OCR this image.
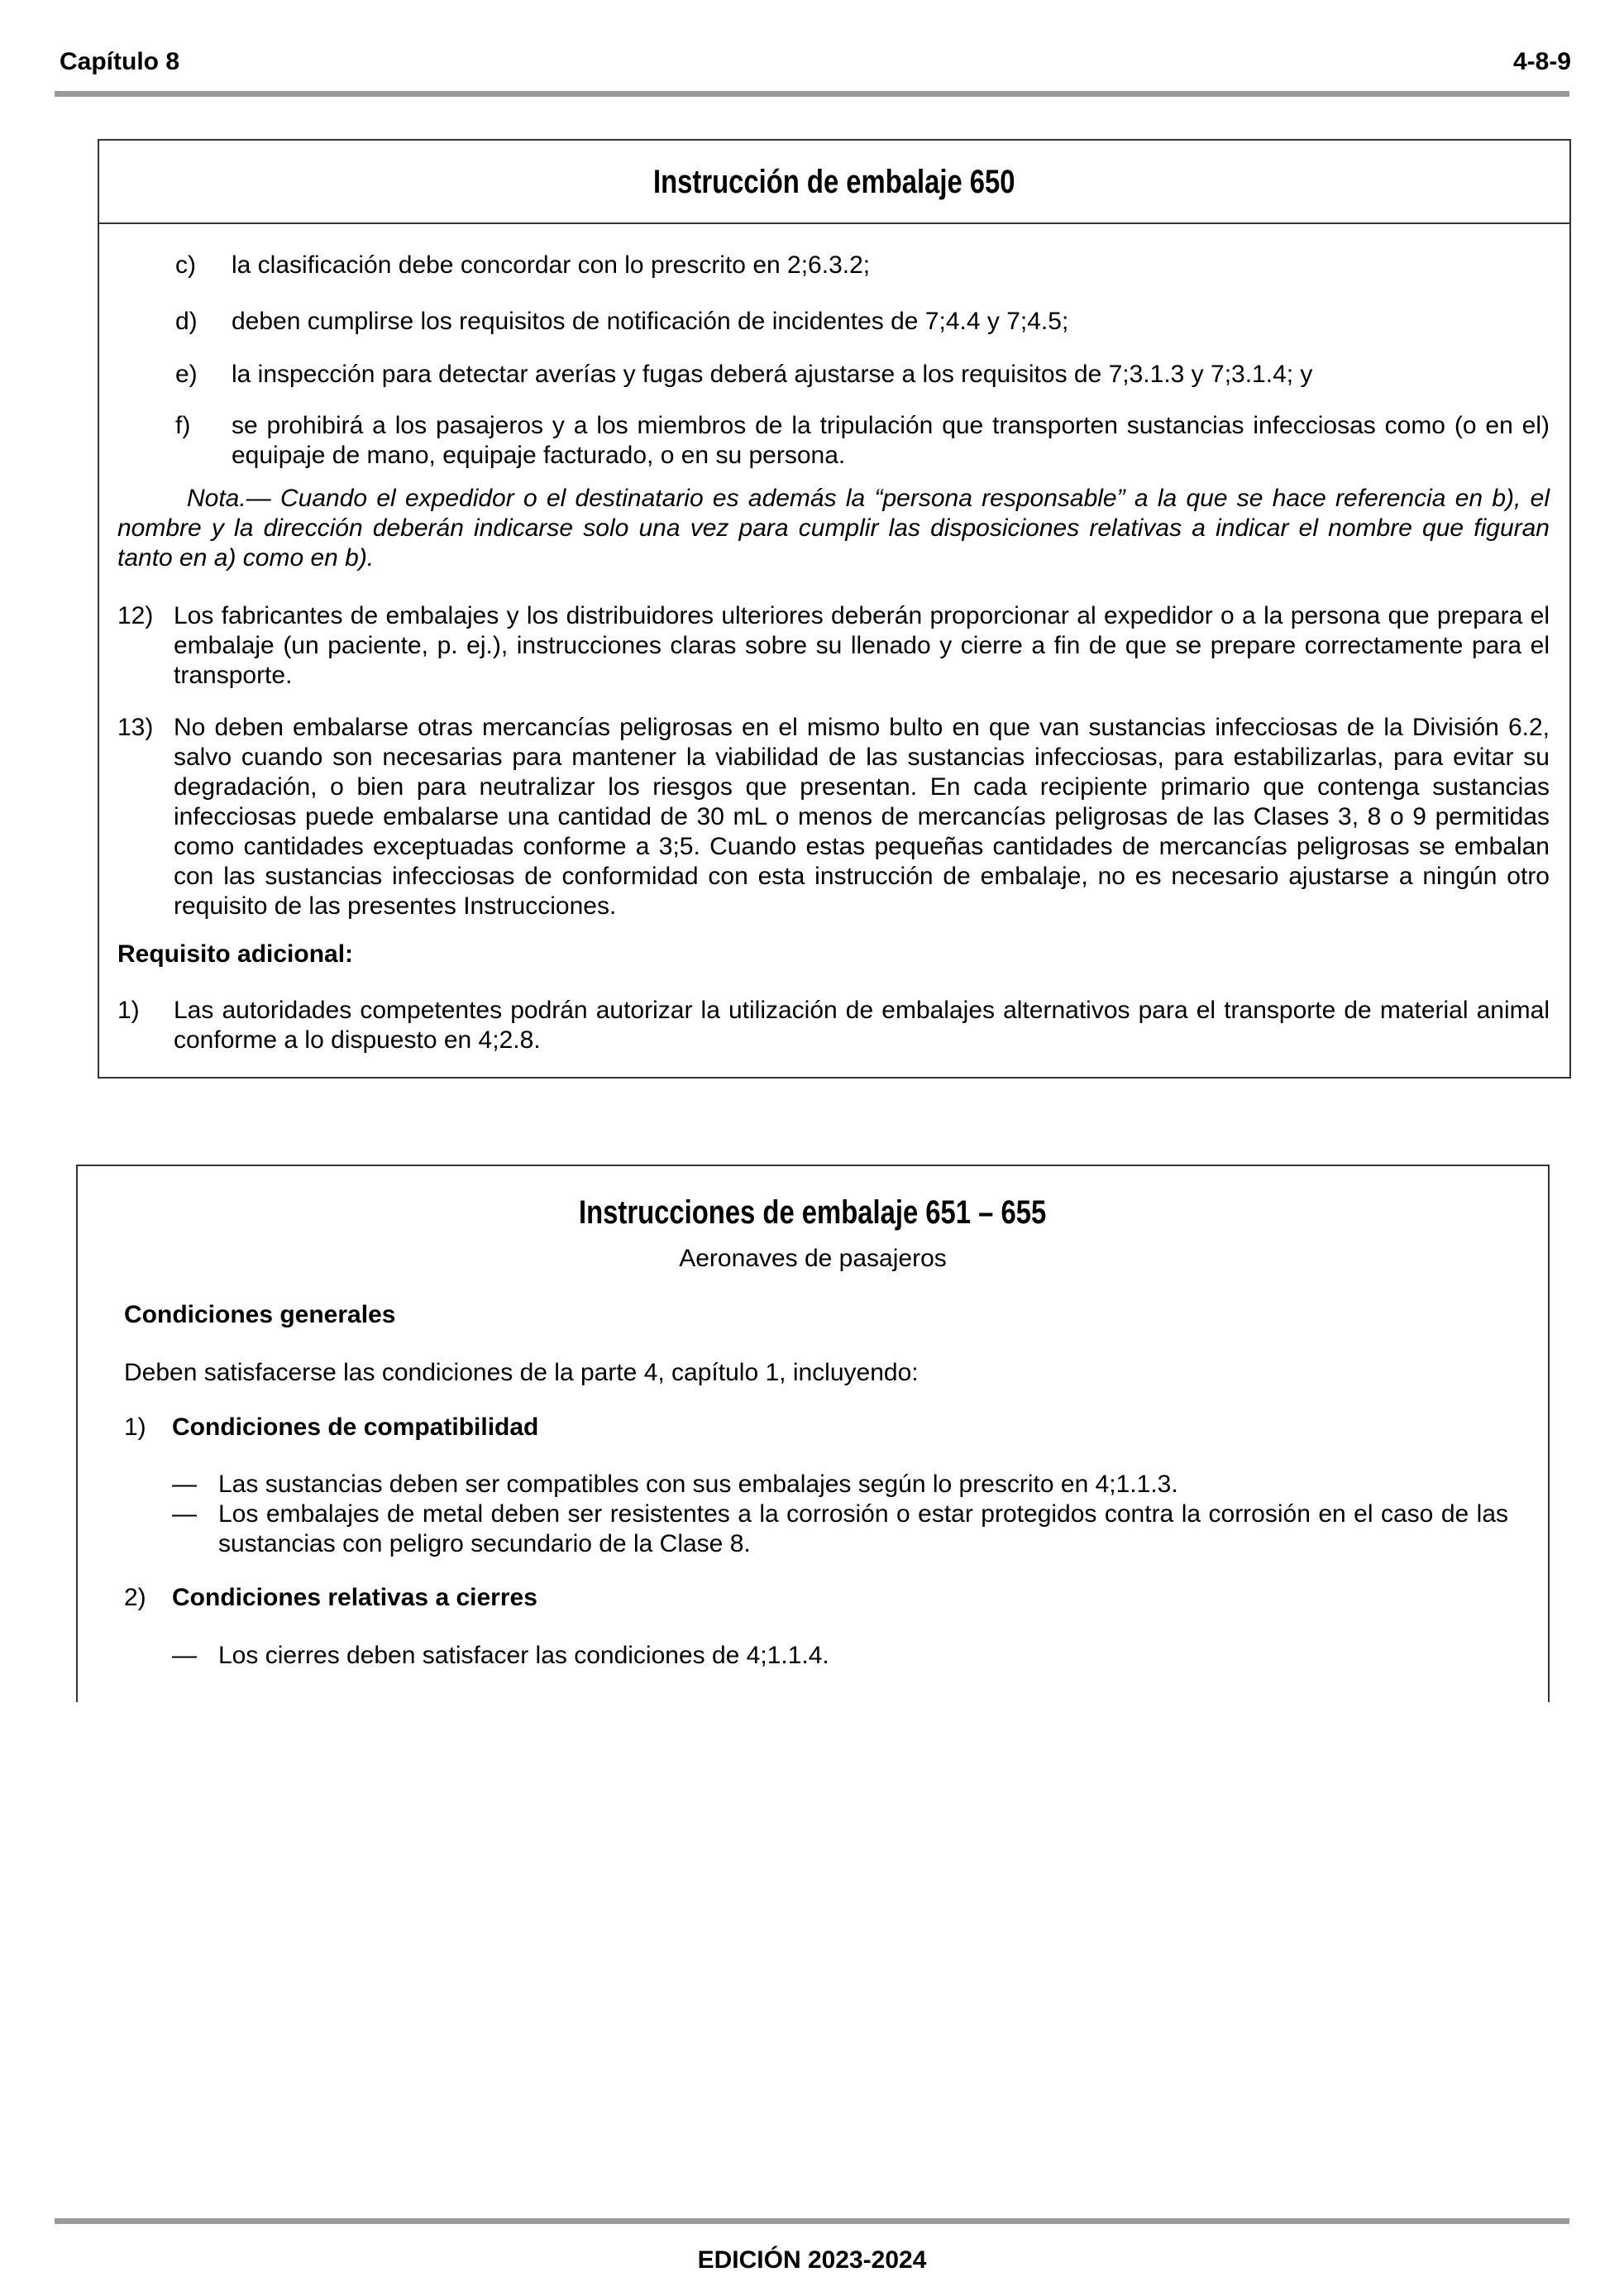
Capítulo 8	4-8-9
Instrucción de embalaje 650
c) la clasificación debe concordar con lo prescrito en 2;6.3.2;
d) deben cumplirse los requisitos de notificación de incidentes de 7;4.4 y 7;4.5;
e) la inspección para detectar averías y fugas deberá ajustarse a los requisitos de 7;3.1.3 y 7;3.1.4; y
f) se prohibirá a los pasajeros y a los miembros de la tripulación que transporten sustancias infecciosas como (o en el) equipaje de mano, equipaje facturado, o en su persona.
Nota.— Cuando el expedidor o el destinatario es además la “persona responsable” a la que se hace referencia en b), el nombre y la dirección deberán indicarse solo una vez para cumplir las disposiciones relativas a indicar el nombre que figuran tanto en a) como en b).
12) Los fabricantes de embalajes y los distribuidores ulteriores deberán proporcionar al expedidor o a la persona que prepara el embalaje (un paciente, p. ej.), instrucciones claras sobre su llenado y cierre a fin de que se prepare correctamente para el transporte.
13) No deben embalarse otras mercancías peligrosas en el mismo bulto en que van sustancias infecciosas de la División 6.2, salvo cuando son necesarias para mantener la viabilidad de las sustancias infecciosas, para estabilizarlas, para evitar su degradación, o bien para neutralizar los riesgos que presentan. En cada recipiente primario que contenga sustancias infecciosas puede embalarse una cantidad de 30 mL o menos de mercancías peligrosas de las Clases 3, 8 o 9 permitidas como cantidades exceptuadas conforme a 3;5. Cuando estas pequeñas cantidades de mercancías peligrosas se embalan con las sustancias infecciosas de conformidad con esta instrucción de embalaje, no es necesario ajustarse a ningún otro requisito de las presentes Instrucciones.
Requisito adicional:
1) Las autoridades competentes podrán autorizar la utilización de embalajes alternativos para el transporte de material animal conforme a lo dispuesto en 4;2.8.
Instrucciones de embalaje 651 – 655
Aeronaves de pasajeros
Condiciones generales
Deben satisfacerse las condiciones de la parte 4, capítulo 1, incluyendo:
1) Condiciones de compatibilidad
— Las sustancias deben ser compatibles con sus embalajes según lo prescrito en 4;1.1.3.
— Los embalajes de metal deben ser resistentes a la corrosión o estar protegidos contra la corrosión en el caso de las sustancias con peligro secundario de la Clase 8.
2) Condiciones relativas a cierres
— Los cierres deben satisfacer las condiciones de 4;1.1.4.
EDICIÓN 2023-2024
